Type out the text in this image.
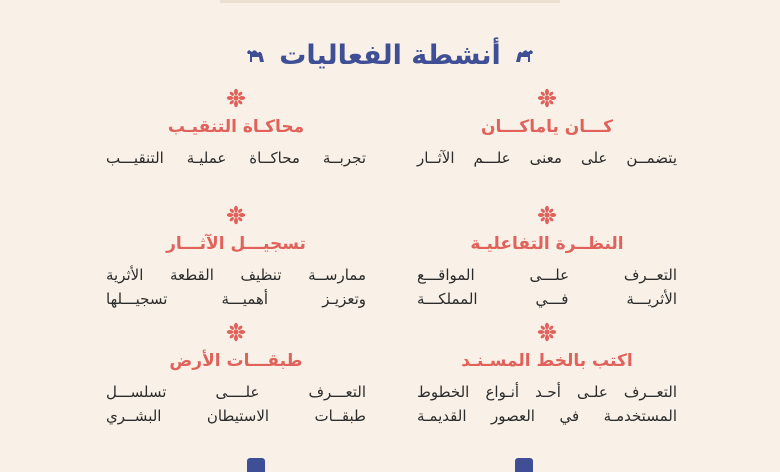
أنشطة الفعاليات
كـــان ياماكـــان
يتضمــن على معنى علـــم الآثــار
النظــرة التفاعليـة
التعــرف علـــى المواقـــع
الأثريـــة فـــي المملكـــة
اكتب بالخط المسـنـد
التعــرف علـى أحـد أنـواع الخطوط
المستخدمـة في العصور القديمـة
محاكـاة التنقيـب
تجربــة محاكــاة عمليـة التنقيـــب
تسجيـــل الآثـــار
ممارســة تنظيف القطعة الأثرية
وتعزيـز أهميـــة تسجيـــلها
طبقـــات الأرض
التعـــرف علــــى تسلســـل
طبقــات الاستيطان البشــري
